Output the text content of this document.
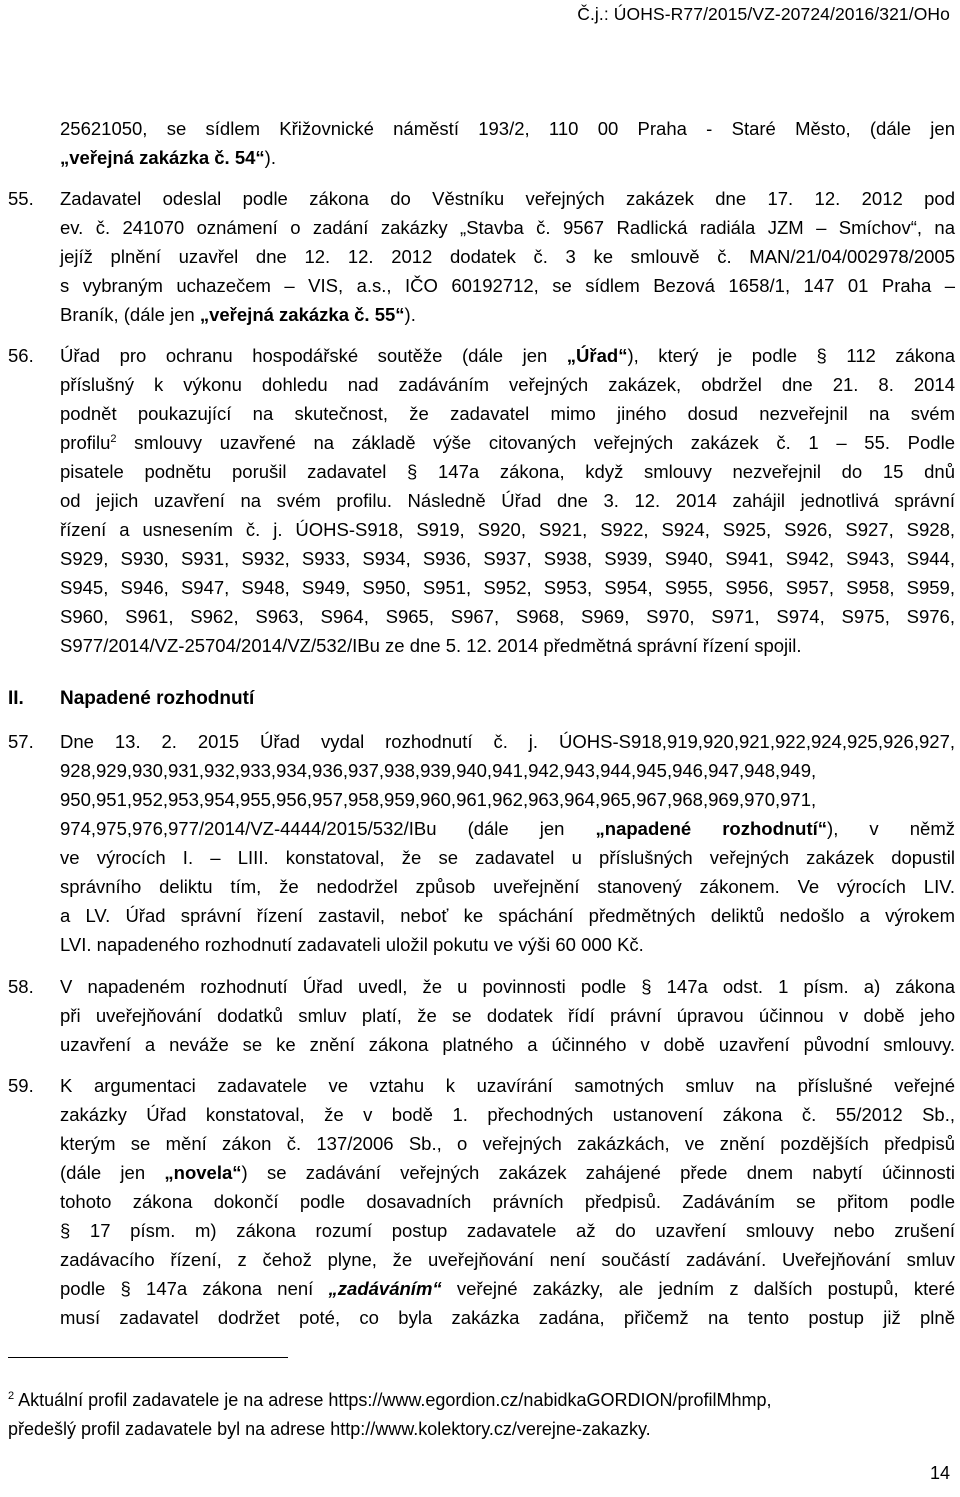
Č.j.: ÚOHS-R77/2015/VZ-20724/2016/321/OHo
25621050, se sídlem Křižovnické náměstí 193/2, 110 00 Praha - Staré Město, (dále jen
„veřejná zakázka č. 54“).
55. Zadavatel odeslal podle zákona do Věstníku veřejných zakázek dne 17. 12. 2012 pod
ev. č. 241070 oznámení o zadání zakázky „Stavba č. 9567 Radlická radiála JZM – Smíchov“, na
jejíž plnění uzavřel dne 12. 12. 2012 dodatek č. 3 ke smlouvě č. MAN/21/04/002978/2005
s vybraným uchazečem – VIS, a.s., IČO 60192712, se sídlem Bezová 1658/1, 147 01 Praha –
Braník, (dále jen „veřejná zakázka č. 55“).
56. Úřad pro ochranu hospodářské soutěže (dále jen „Úřad“), který je podle § 112 zákona
příslušný k výkonu dohledu nad zadáváním veřejných zakázek, obdržel dne 21. 8. 2014
podnět poukazující na skutečnost, že zadavatel mimo jiného dosud nezveřejnil na svém
profilu$^2$ smlouvy uzavřené na základě výše citovaných veřejných zakázek č. 1 – 55. Podle
pisatele podnětu porušil zadavatel § 147a zákona, když smlouvy nezveřejnil do 15 dnů
od jejich uzavření na svém profilu. Následně Úřad dne 3. 12. 2014 zahájil jednotlivá správní
řízení a usnesením č. j. ÚOHS-S918, S919, S920, S921, S922, S924, S925, S926, S927, S928,
S929, S930, S931, S932, S933, S934, S936, S937, S938, S939, S940, S941, S942, S943, S944,
S945, S946, S947, S948, S949, S950, S951, S952, S953, S954, S955, S956, S957, S958, S959,
S960, S961, S962, S963, S964, S965, S967, S968, S969, S970, S971, S974, S975, S976,
S977/2014/VZ-25704/2014/VZ/532/IBu ze dne 5. 12. 2014 předmětná správní řízení spojil.
II. Napadené rozhodnutí
57. Dne 13. 2. 2015 Úřad vydal rozhodnutí č. j. ÚOHS-S918,919,920,921,922,924,925,926,927,
928,929,930,931,932,933,934,936,937,938,939,940,941,942,943,944,945,946,947,948,949,
950,951,952,953,954,955,956,957,958,959,960,961,962,963,964,965,967,968,969,970,971,
974,975,976,977/2014/VZ-4444/2015/532/IBu (dále jen „napadené rozhodnutí“), v němž
ve výrocích I. – LIII. konstatoval, že se zadavatel u příslušných veřejných zakázek dopustil
správního deliktu tím, že nedodržel způsob uveřejnění stanovený zákonem. Ve výrocích LIV.
a LV. Úřad správní řízení zastavil, neboť ke spáchání předmětných deliktů nedošlo a výrokem
LVI. napadeného rozhodnutí zadavateli uložil pokutu ve výši 60 000 Kč.
58. V napadeném rozhodnutí Úřad uvedl, že u povinnosti podle § 147a odst. 1 písm. a) zákona
při uveřejňování dodatků smluv platí, že se dodatek řídí právní úpravou účinnou v době jeho
uzavření a neváže se ke znění zákona platného a účinného v době uzavření původní smlouvy.
59. K argumentaci zadavatele ve vztahu k uzavírání samotných smluv na příslušné veřejné
zakázky Úřad konstatoval, že v bodě 1. přechodných ustanovení zákona č. 55/2012 Sb.,
kterým se mění zákon č. 137/2006 Sb., o veřejných zakázkách, ve znění pozdějších předpisů
(dále jen „novela“) se zadávání veřejných zakázek zahájené přede dnem nabytí účinnosti
tohoto zákona dokončí podle dosavadních právních předpisů. Zadáváním se přitom podle
§ 17 písm. m) zákona rozumí postup zadavatele až do uzavření smlouvy nebo zrušení
zadávacího řízení, z čehož plyne, že uveřejňování není součástí zadávání. Uveřejňování smluv
podle § 147a zákona není „zadáváním“ veřejné zakázky, ale jedním z dalších postupů, které
musí zadavatel dodržet poté, co byla zakázka zadána, přičemž na tento postup již plně
$^2$ Aktuální profil zadavatele je na adrese https://www.egordion.cz/nabidkaGORDION/profilMhmp,
předešlý profil zadavatele byl na adrese http://www.kolektory.cz/verejne-zakazky.
14
